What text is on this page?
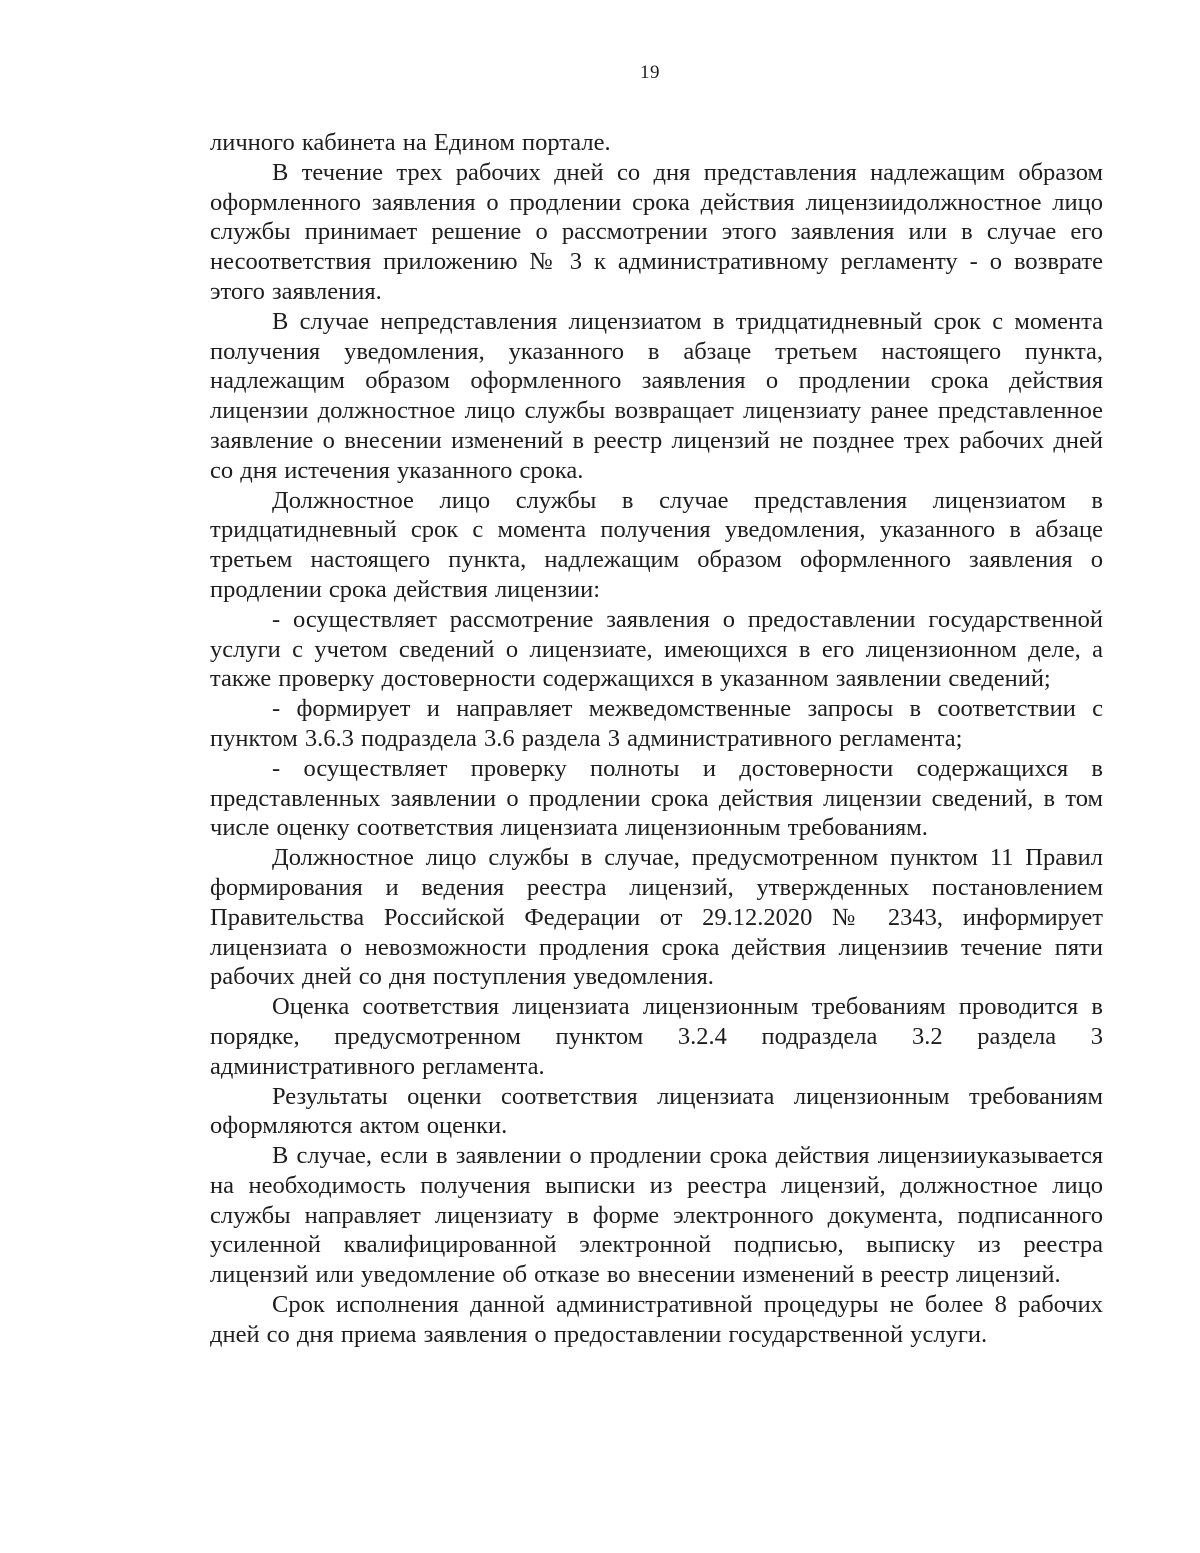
19

личного кабинета на Едином портале.

В течение трех рабочих дней со дня представления надлежащим образом оформленного заявления о продлении срока действия лицензиидолжностное лицо службы принимает решение о рассмотрении этого заявления или в случае его несоответствия приложению № 3 к административному регламенту - о возврате этого заявления.

В случае непредставления лицензиатом в тридцатидневный срок с момента получения уведомления, указанного в абзаце третьем настоящего пункта, надлежащим образом оформленного заявления о продлении срока действия лицензии должностное лицо службы возвращает лицензиату ранее представленное заявление о внесении изменений в реестр лицензий не позднее трех рабочих дней со дня истечения указанного срока.

Должностное лицо службы в случае представления лицензиатом в тридцатидневный срок с момента получения уведомления, указанного в абзаце третьем настоящего пункта, надлежащим образом оформленного заявления о продлении срока действия лицензии:

- осуществляет рассмотрение заявления о предоставлении государственной услуги с учетом сведений о лицензиате, имеющихся в его лицензионном деле, а также проверку достоверности содержащихся в указанном заявлении сведений;

- формирует и направляет межведомственные запросы в соответствии с пунктом 3.6.3 подраздела 3.6 раздела 3 административного регламента;

- осуществляет проверку полноты и достоверности содержащихся в представленных заявлении о продлении срока действия лицензии сведений, в том числе оценку соответствия лицензиата лицензионным требованиям.

Должностное лицо службы в случае, предусмотренном пунктом 11 Правил формирования и ведения реестра лицензий, утвержденных постановлением Правительства Российской Федерации от 29.12.2020 № 2343, информирует лицензиата о невозможности продления срока действия лицензиив течение пяти рабочих дней со дня поступления уведомления.

Оценка соответствия лицензиата лицензионным требованиям проводится в порядке, предусмотренном пунктом 3.2.4 подраздела 3.2 раздела 3 административного регламента.

Результаты оценки соответствия лицензиата лицензионным требованиям оформляются актом оценки.

В случае, если в заявлении о продлении срока действия лицензииуказывается на необходимость получения выписки из реестра лицензий, должностное лицо службы направляет лицензиату в форме электронного документа, подписанного усиленной квалифицированной электронной подписью, выписку из реестра лицензий или уведомление об отказе во внесении изменений в реестр лицензий.

Срок исполнения данной административной процедуры не более 8 рабочих дней со дня приема заявления о предоставлении государственной услуги.
